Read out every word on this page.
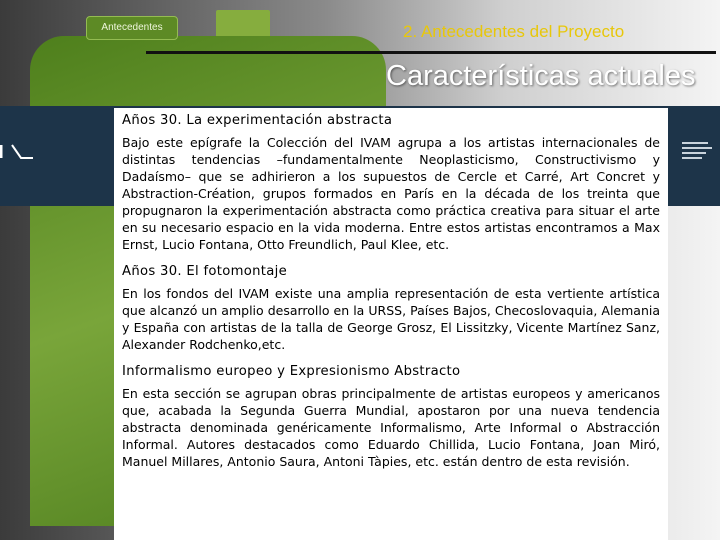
Antecedentes	2. Antecedentes del Proyecto
Características actuales
Años 30. La experimentación abstracta

Bajo este epígrafe la Colección del IVAM agrupa a los artistas internacionales de distintas tendencias –fundamentalmente Neoplasticismo, Constructivismo y Dadaísmo– que se adhirieron a los supuestos de Cercle et Carré, Art Concret y Abstraction-Création, grupos formados en París en la década de los treinta que propugnaron la experimentación abstracta como práctica creativa para situar el arte en su necesario espacio en la vida moderna. Entre estos artistas encontramos a Max Ernst, Lucio Fontana, Otto Freundlich, Paul Klee, etc.

Años 30. El fotomontaje

En los fondos del IVAM existe una amplia representación de esta vertiente artística que alcanzó un amplio desarrollo en la URSS, Países Bajos, Checoslovaquia, Alemania y España con artistas de la talla de George Grosz, El Lissitzky, Vicente Martínez Sanz, Alexander Rodchenko,etc.

Informalismo europeo y Expresionismo Abstracto

En esta sección se agrupan obras principalmente de artistas europeos y americanos que, acabada la Segunda Guerra Mundial, apostaron por una nueva tendencia abstracta denominada genéricamente Informalismo, Arte Informal o Abstracción Informal. Autores destacados como Eduardo Chillida, Lucio Fontana, Joan Miró, Manuel Millares, Antonio Saura, Antoni Tàpies, etc. están dentro de esta revisión.
